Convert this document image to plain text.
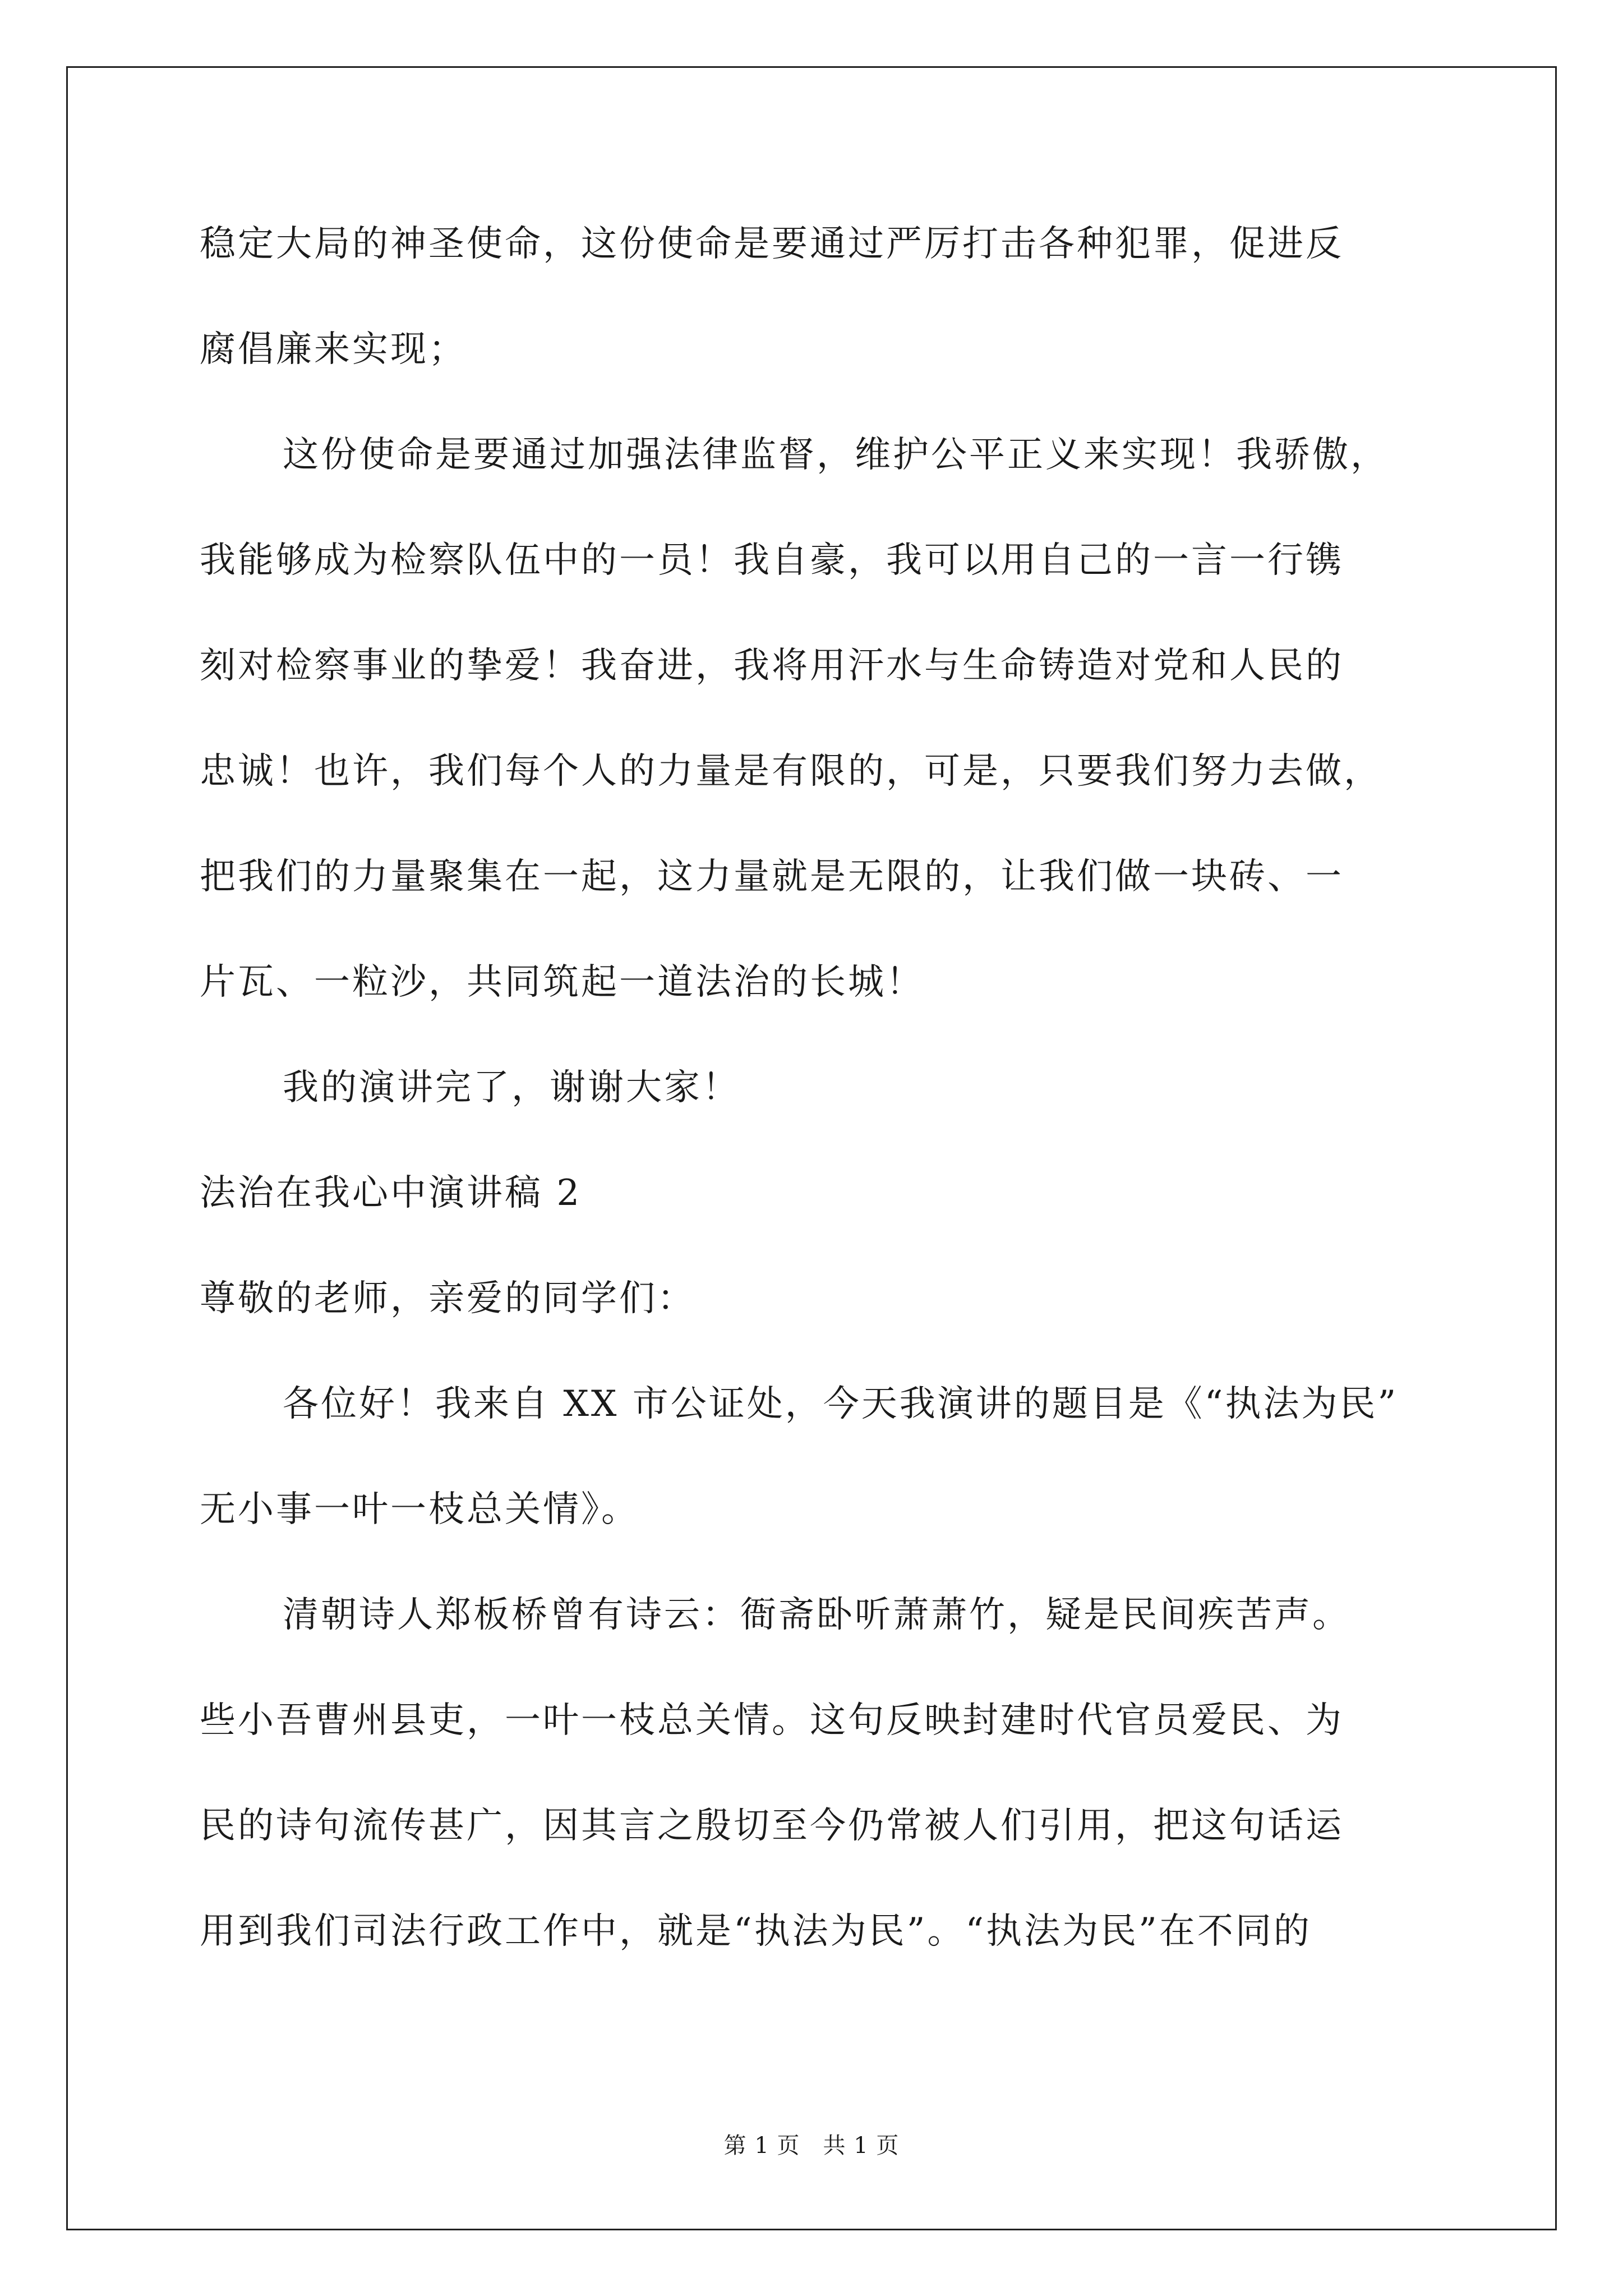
稳定大局的神圣使命，这份使命是要通过严厉打击各种犯罪，促进反
腐倡廉来实现；
这份使命是要通过加强法律监督，维护公平正义来实现！我骄傲，
我能够成为检察队伍中的一员！我自豪，我可以用自己的一言一行镌
刻对检察事业的挚爱！我奋进，我将用汗水与生命铸造对党和人民的
忠诚！也许，我们每个人的力量是有限的，可是，只要我们努力去做，
把我们的力量聚集在一起，这力量就是无限的，让我们做一块砖、一
片瓦、一粒沙，共同筑起一道法治的长城！
我的演讲完了，谢谢大家！
法治在我心中演讲稿 2
尊敬的老师，亲爱的同学们：
各位好！我来自 XX 市公证处，今天我演讲的题目是《“执法为民”
无小事一叶一枝总关情》。
清朝诗人郑板桥曾有诗云：衙斋卧听萧萧竹，疑是民间疾苦声。
些小吾曹州县吏，一叶一枝总关情。这句反映封建时代官员爱民、为
民的诗句流传甚广，因其言之殷切至今仍常被人们引用，把这句话运
用到我们司法行政工作中，就是“执法为民”。“执法为民”在不同的
第 1 页　共 1 页
